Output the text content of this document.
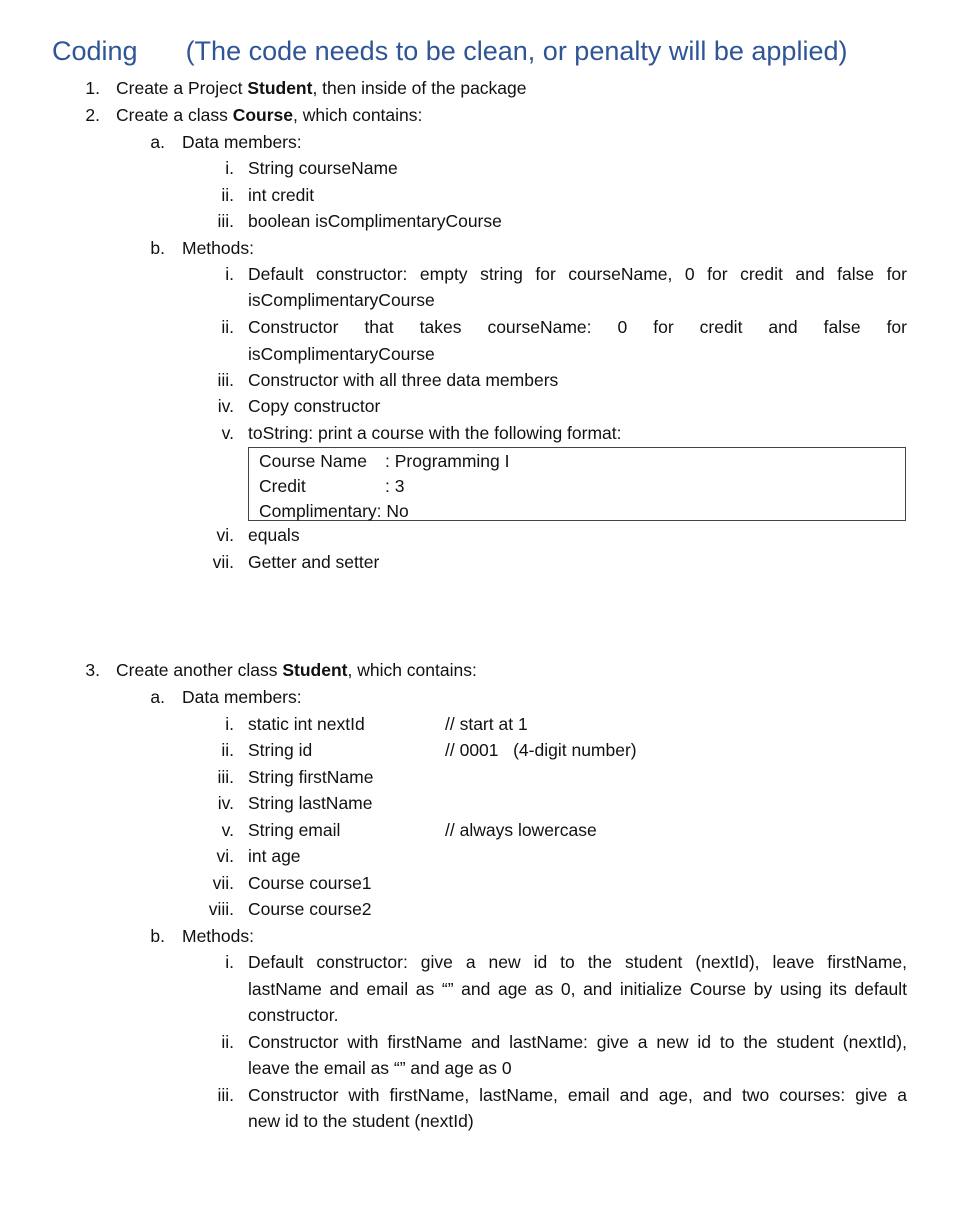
Coding (The code needs to be clean, or penalty will be applied)
1. Create a Project Student, then inside of the package
2. Create a class Course, which contains:
a. Data members:
i. String courseName
ii. int credit
iii. boolean isComplimentaryCourse
b. Methods:
i. Default constructor: empty string for courseName, 0 for credit and false for
isComplimentaryCourse
ii. Constructor that takes courseName: 0 for credit and false for
isComplimentaryCourse
iii. Constructor with all three data members
iv. Copy constructor
v. toString: print a course with the following format:
Course Name : Programming I
Credit	: 3
Complimentary: No
vi. equals
vii. Getter and setter
3. Create another class Student, which contains:
a. Data members:
i. static int nextId	// start at 1
ii. String id	// 0001   (4-digit number)
iii. String firstName
iv. String lastName
v. String email	// always lowercase
vi. int age
vii. Course course1
viii. Course course2
b. Methods:
i. Default constructor: give a new id to the student (nextId), leave firstName,
lastName and email as “” and age as 0, and initialize Course by using its default
constructor.
ii. Constructor with firstName and lastName: give a new id to the student (nextId),
leave the email as “” and age as 0
iii. Constructor with firstName, lastName, email and age, and two courses: give a
new id to the student (nextId)
